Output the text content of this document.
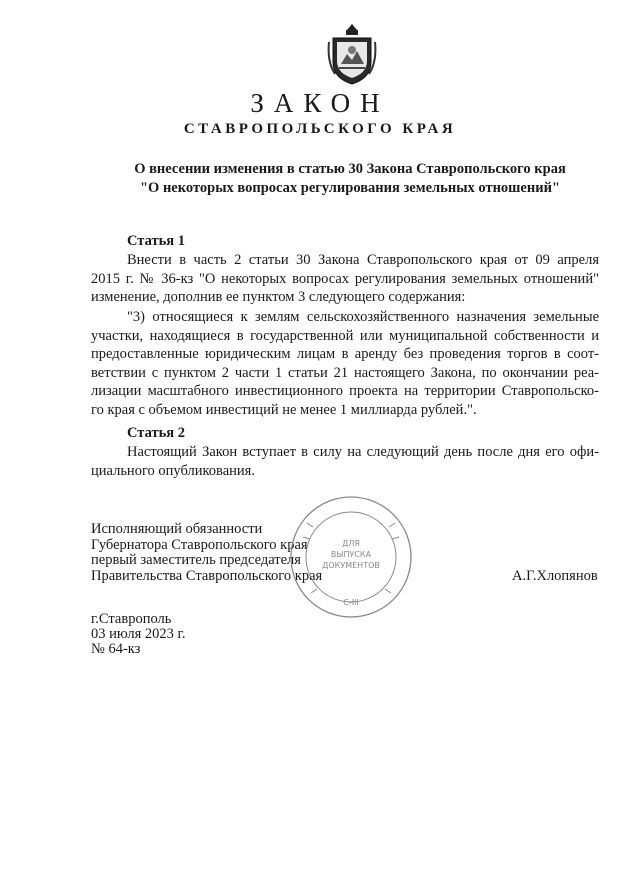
ЗАКОН
СТАВРОПОЛЬСКОГО КРАЯ
О внесении изменения в статью 30 Закона Ставропольского края
"О некоторых вопросах регулирования земельных отношений"
Статья 1
Внести в часть 2 статьи 30 Закона Ставропольского края от 09 апреля
2015 г. № 36-кз "О некоторых вопросах регулирования земельных отношений"
изменение, дополнив ее пунктом 3 следующего содержания:
"3) относящиеся к землям сельскохозяйственного назначения земельные
участки, находящиеся в государственной или муниципальной собственности и
предоставленные юридическим лицам в аренду без проведения торгов в соот-
ветствии с пунктом 2 части 1 статьи 21 настоящего Закона, по окончании реа-
лизации масштабного инвестиционного проекта на территории Ставропольско-
го края с объемом инвестиций не менее 1 миллиарда рублей.".
Статья 2
Настоящий Закон вступает в силу на следующий день после дня его офи-
циального опубликования.
Исполняющий обязанности
Губернатора Ставропольского края
первый заместитель председателя
Правительства Ставропольского края	А.Г.Хлопянов
г.Ставрополь
03 июля 2023 г.
№ 64-кз
ДЛЯ
ВЫПУСКА
ДОКУМЕНТОВ
С-III
